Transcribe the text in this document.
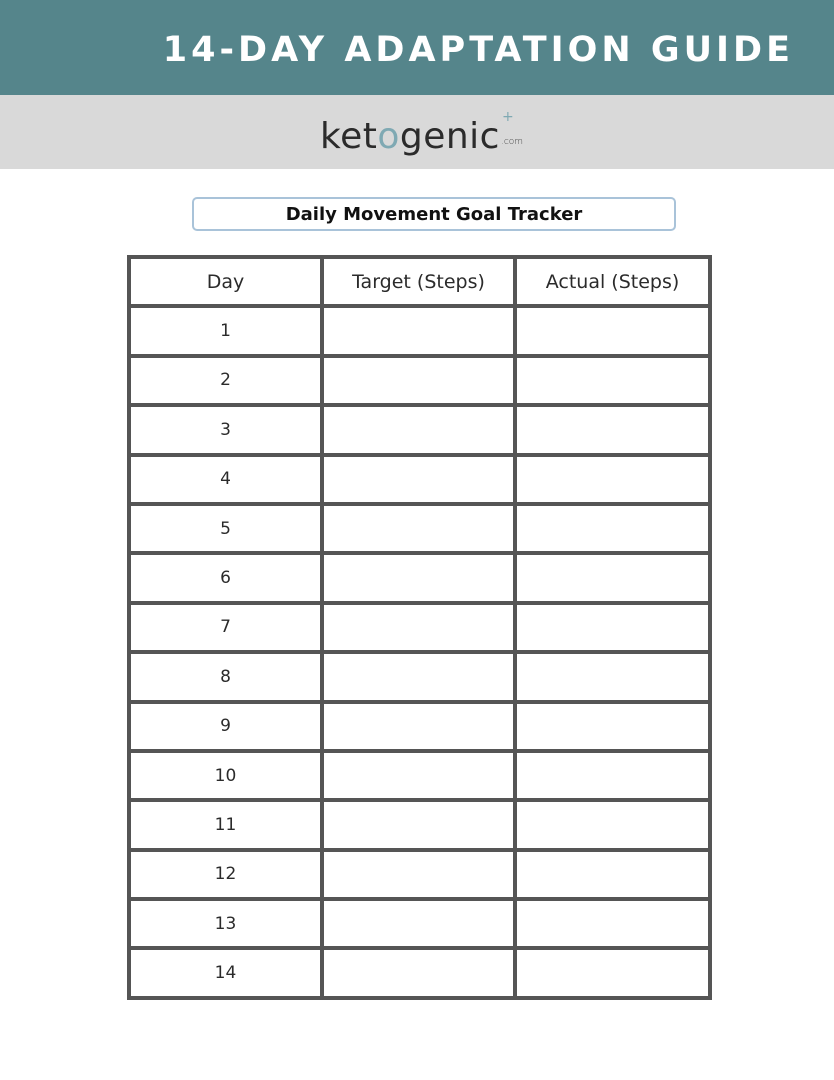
14-DAY ADAPTATION GUIDE
ketogenic .com
+
Daily Movement Goal Tracker
Day	Target (Steps)	Actual (Steps)
1		
2		
3		
4		
5		
6		
7		
8		
9		
10		
11		
12		
13		
14		
